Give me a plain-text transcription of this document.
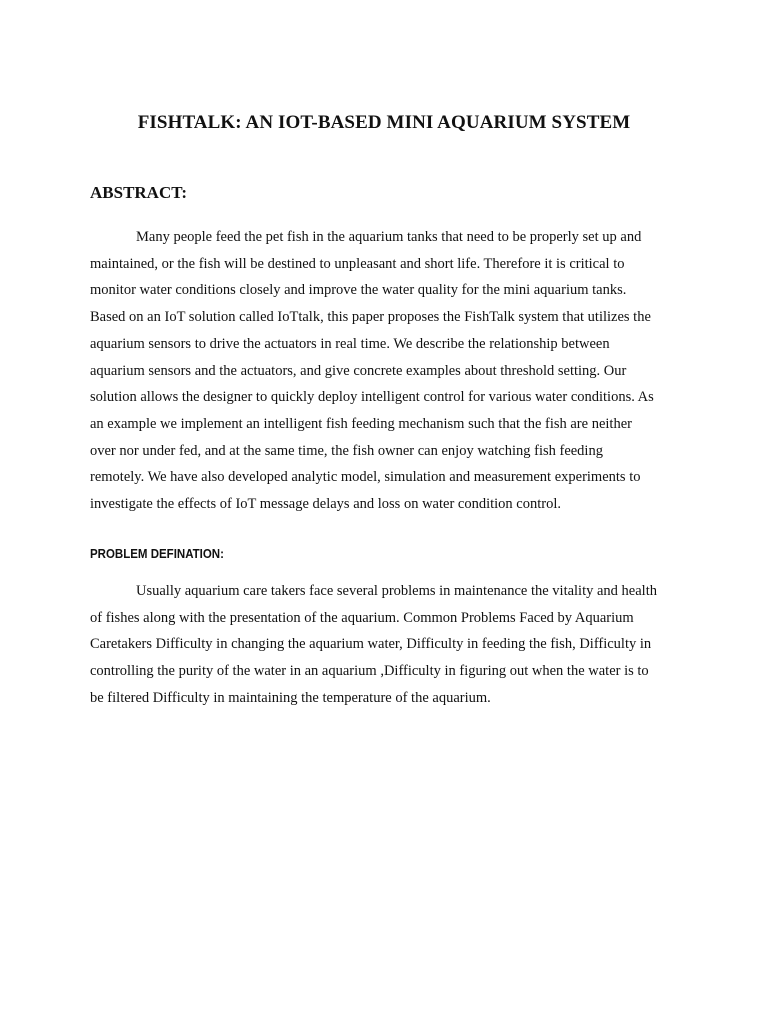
FISHTALK: AN IOT-BASED MINI AQUARIUM SYSTEM
ABSTRACT:

Many people feed the pet fish in the aquarium tanks that need to be properly set up and
maintained, or the fish will be destined to unpleasant and short life. Therefore it is critical to
monitor water conditions closely and improve the water quality for the mini aquarium tanks.
Based on an IoT solution called IoTtalk, this paper proposes the FishTalk system that utilizes the
aquarium sensors to drive the actuators in real time. We describe the relationship between
aquarium sensors and the actuators, and give concrete examples about threshold setting. Our
solution allows the designer to quickly deploy intelligent control for various water conditions. As
an example we implement an intelligent fish feeding mechanism such that the fish are neither
over nor under fed, and at the same time, the fish owner can enjoy watching fish feeding
remotely. We have also developed analytic model, simulation and measurement experiments to
investigate the effects of IoT message delays and loss on water condition control.

PROBLEM DEFINATION:

Usually aquarium care takers face several problems in maintenance the vitality and health
of fishes along with the presentation of the aquarium. Common Problems Faced by Aquarium
Caretakers Difficulty in changing the aquarium water, Difficulty in feeding the fish, Difficulty in
controlling the purity of the water in an aquarium ,Difficulty in figuring out when the water is to
be filtered Difficulty in maintaining the temperature of the aquarium.
